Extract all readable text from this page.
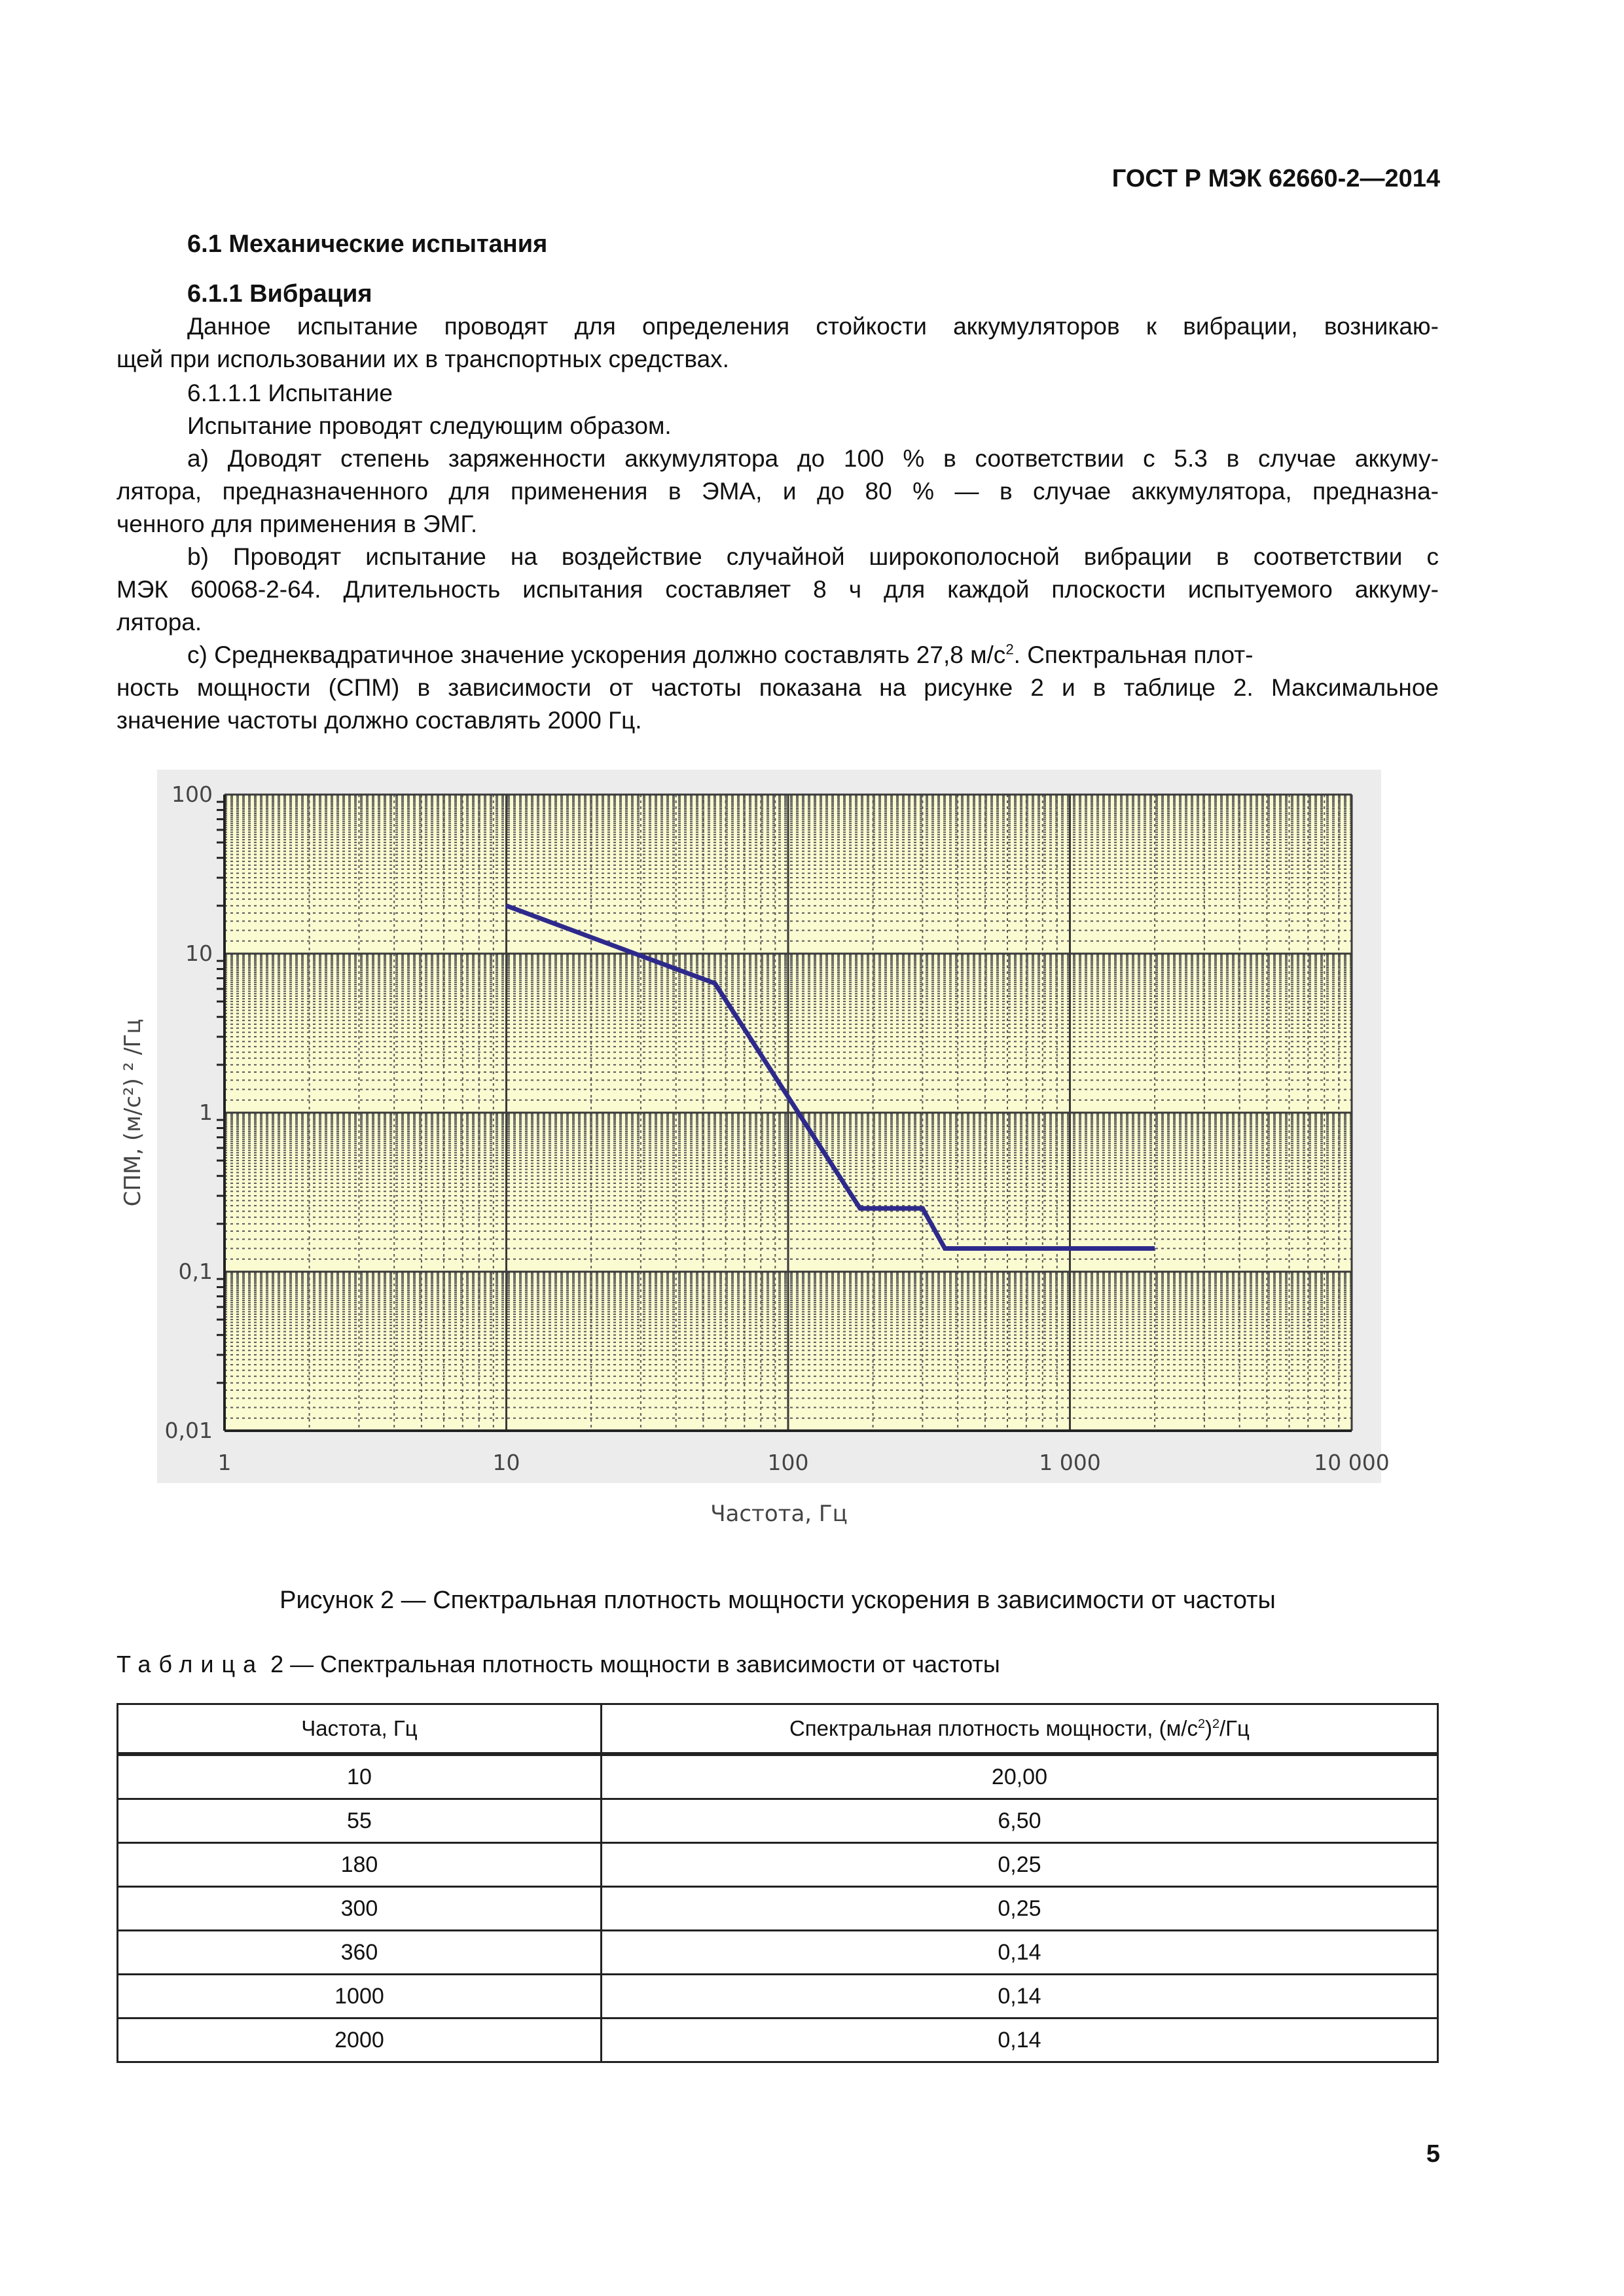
ГОСТ Р МЭК 62660-2—2014
6.1 Механические испытания
6.1.1 Вибрация
Данное испытание проводят для определения стойкости аккумуляторов к вибрации, возникаю-
щей при использовании их в транспортных средствах.
6.1.1.1 Испытание
Испытание проводят следующим образом.
а) Доводят степень заряженности аккумулятора до 100 % в соответствии с 5.3 в случае аккуму-
лятора, предназначенного для применения в ЭМА, и до 80 % — в случае аккумулятора, предназна-
ченного для применения в ЭМГ.
b) Проводят испытание на воздействие случайной широкополосной вибрации в соответствии с
МЭК 60068-2-64. Длительность испытания составляет 8 ч для каждой плоскости испытуемого аккуму-
лятора.
с) Среднеквадратичное значение ускорения должно составлять 27,8 $м/с^2$. Спектральная плот-
ность мощности (СПМ) в зависимости от частоты показана на рисунке 2 и в таблице 2. Максимальное
значение частоты должно составлять 2000 Гц.
1	10	100	1 000	10 000
100
10
1
0,1
0,01
Частота, Гц
СПМ, (м/с²) ² /Гц
Рисунок 2 — Спектральная плотность мощности ускорения в зависимости от частоты
Таблица 2 — Спектральная плотность мощности в зависимости от частоты
Частота, Гц	Спектральная плотность мощности, $(м/с^2)^2/Гц$
10	20,00
55	6,50
180	0,25
300	0,25
360	0,14
1000	0,14
2000	0,14
5
